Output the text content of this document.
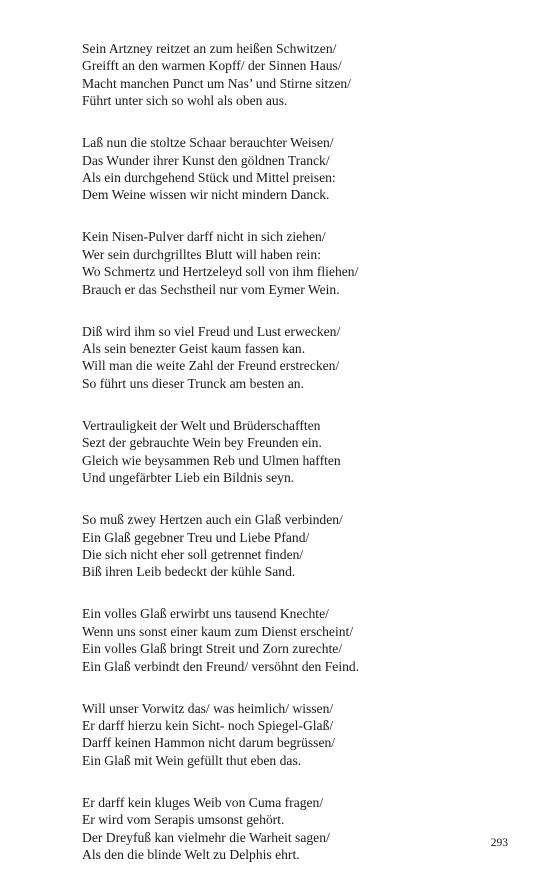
Sein Artzney reitzet an zum heißen Schwitzen/
Greifft an den warmen Kopff/ der Sinnen Haus/
Macht manchen Punct um Nas’ und Stirne sitzen/
Führt unter sich so wohl als oben aus.
Laß nun die stoltze Schaar berauchter Weisen/
Das Wunder ihrer Kunst den göldnen Tranck/
Als ein durchgehend Stück und Mittel preisen:
Dem Weine wissen wir nicht mindern Danck.
Kein Nisen-Pulver darff nicht in sich ziehen/
Wer sein durchgrilltes Blutt will haben rein:
Wo Schmertz und Hertzeleyd soll von ihm fliehen/
Brauch er das Sechstheil nur vom Eymer Wein.
Diß wird ihm so viel Freud und Lust erwecken/
Als sein benezter Geist kaum fassen kan.
Will man die weite Zahl der Freund erstrecken/
So führt uns dieser Trunck am besten an.
Vertrauligkeit der Welt und Brüderschafften
Sezt der gebrauchte Wein bey Freunden ein.
Gleich wie beysammen Reb und Ulmen hafften
Und ungefärbter Lieb ein Bildnis seyn.
So muß zwey Hertzen auch ein Glaß verbinden/
Ein Glaß gegebner Treu und Liebe Pfand/
Die sich nicht eher soll getrennet finden/
Biß ihren Leib bedeckt der kühle Sand.
Ein volles Glaß erwirbt uns tausend Knechte/
Wenn uns sonst einer kaum zum Dienst erscheint/
Ein volles Glaß bringt Streit und Zorn zurechte/
Ein Glaß verbindt den Freund/ versöhnt den Feind.
Will unser Vorwitz das/ was heimlich/ wissen/
Er darff hierzu kein Sicht- noch Spiegel-Glaß/
Darff keinen Hammon nicht darum begrüssen/
Ein Glaß mit Wein gefüllt thut eben das.
Er darff kein kluges Weib von Cuma fragen/
Er wird vom Serapis umsonst gehört.
Der Dreyfuß kan vielmehr die Warheit sagen/
Als den die blinde Welt zu Delphis ehrt.
293
